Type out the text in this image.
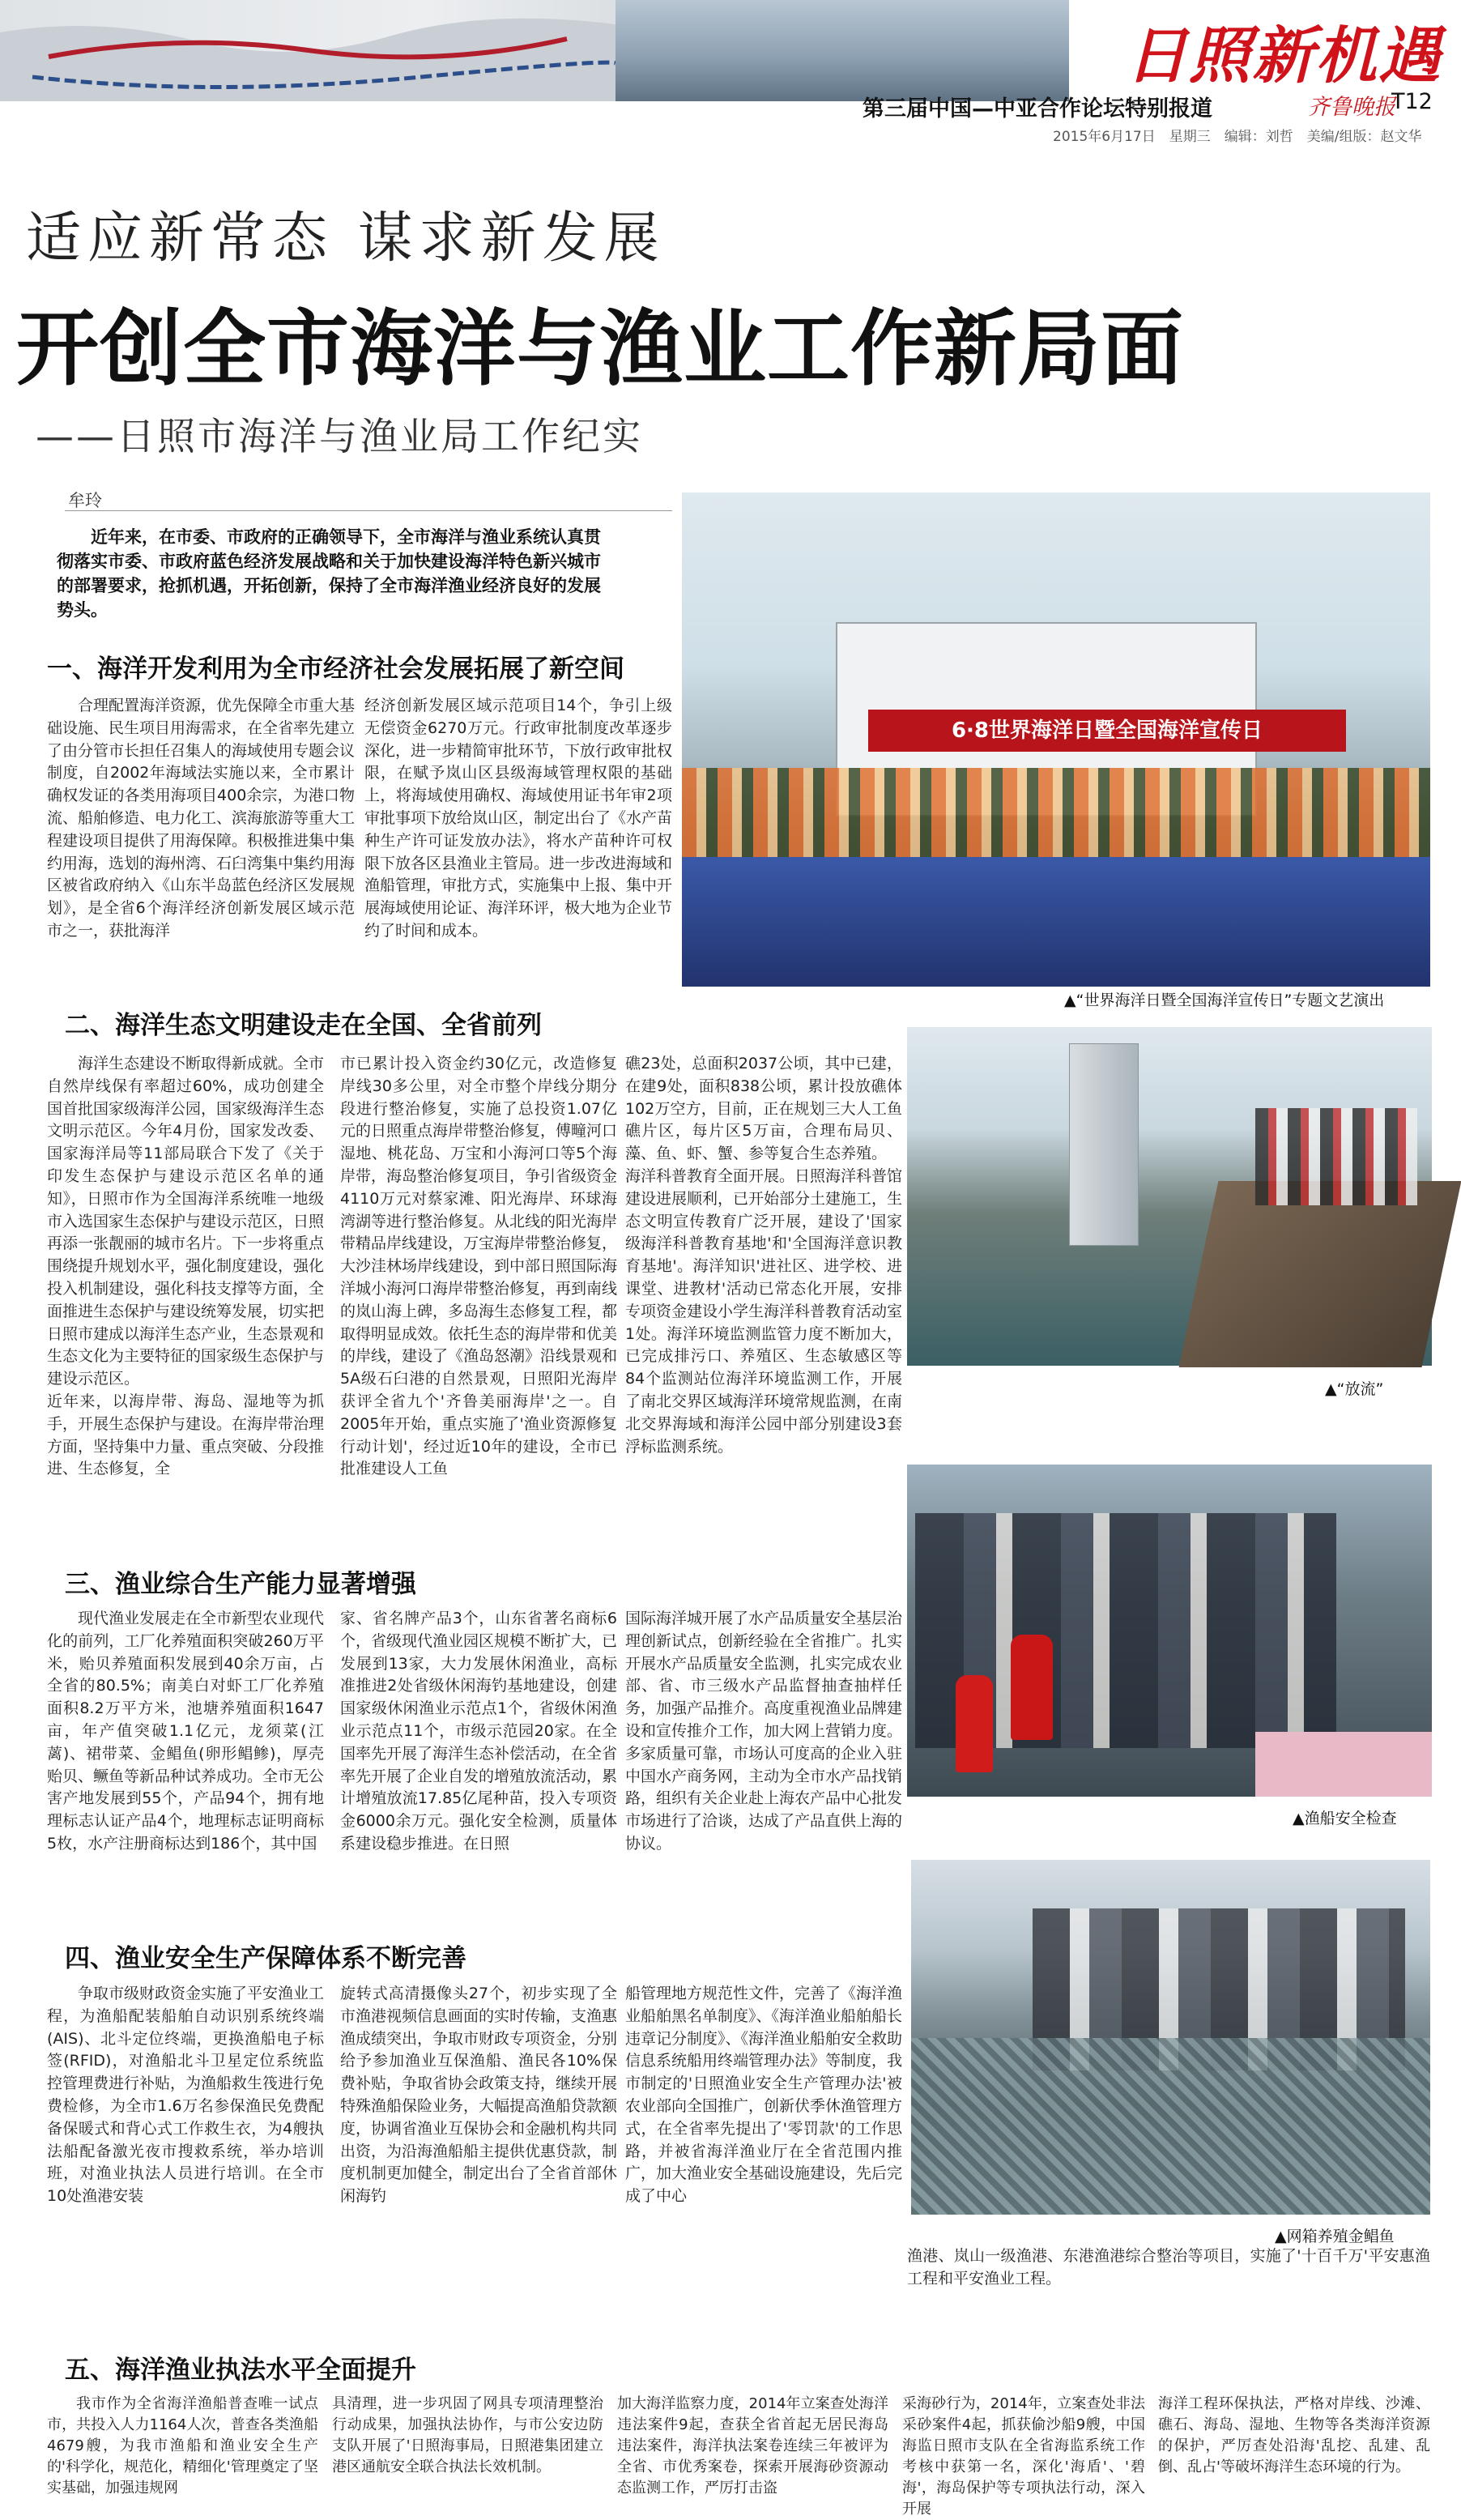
日照新机遇
第三届中国—中亚合作论坛特别报道	齐鲁晚报
T12
2015年6月17日　星期三　编辑：刘哲　美编/组版：赵文华
适应新常态 谋求新发展
开创全市海洋与渔业工作新局面
——日照市海洋与渔业局工作纪实
牟玲

近年来，在市委、市政府的正确领导下，全市海洋与渔业系统认真贯彻落实市委、市政府蓝色经济发展战略和关于加快建设海洋特色新兴城市的部署要求，抢抓机遇，开拓创新，保持了全市海洋渔业经济良好的发展势头。

6·8世界海洋日暨全国海洋宣传日
▲“世界海洋日暨全国海洋宣传日”专题文艺演出
一、海洋开发利用为全市经济社会发展拓展了新空间
合理配置海洋资源，优先保障全市重大基础设施、民生项目用海需求，在全省率先建立了由分管市长担任召集人的海域使用专题会议制度，自2002年海域法实施以来，全市累计确权发证的各类用海项目400余宗，为港口物流、船舶修造、电力化工、滨海旅游等重大工程建设项目提供了用海保障。积极推进集中集约用海，选划的海州湾、石臼湾集中集约用海区被省政府纳入《山东半岛蓝色经济区发展规划》，是全省6个海洋经济创新发展区域示范市之一，获批海洋
经济创新发展区域示范项目14个，争引上级无偿资金6270万元。行政审批制度改革逐步深化，进一步精简审批环节，下放行政审批权限，在赋予岚山区县级海域管理权限的基础上，将海域使用确权、海域使用证书年审2项审批事项下放给岚山区，制定出台了《水产苗种生产许可证发放办法》，将水产苗种许可权限下放各区县渔业主管局。进一步改进海域和渔船管理，审批方式，实施集中上报、集中开展海域使用论证、海洋环评，极大地为企业节约了时间和成本。
二、海洋生态文明建设走在全国、全省前列
海洋生态建设不断取得新成就。全市自然岸线保有率超过60%，成功创建全国首批国家级海洋公园，国家级海洋生态文明示范区。今年4月份，国家发改委、国家海洋局等11部局联合下发了《关于印发生态保护与建设示范区名单的通知》，日照市作为全国海洋系统唯一地级市入选国家生态保护与建设示范区，日照再添一张靓丽的城市名片。下一步将重点围绕提升规划水平，强化制度建设，强化投入机制建设，强化科技支撑等方面，全面推进生态保护与建设统筹发展，切实把日照市建成以海洋生态产业，生态景观和生态文化为主要特征的国家级生态保护与建设示范区。
近年来，以海岸带、海岛、湿地等为抓手，开展生态保护与建设。在海岸带治理方面，坚持集中力量、重点突破、分段推进、生态修复，全
市已累计投入资金约30亿元，改造修复岸线30多公里，对全市整个岸线分期分段进行整治修复，实施了总投资1.07亿元的日照重点海岸带整治修复，傅疃河口湿地、桃花岛、万宝和小海河口等5个海岸带，海岛整治修复项目，争引省级资金4110万元对蔡家滩、阳光海岸、环球海湾湖等进行整治修复。从北线的阳光海岸带精品岸线建设，万宝海岸带整治修复，大沙洼林场岸线建设，到中部日照国际海洋城小海河口海岸带整治修复，再到南线的岚山海上碑，多岛海生态修复工程，都取得明显成效。依托生态的海岸带和优美的岸线，建设了《渔岛怒潮》沿线景观和5A级石臼港的自然景观，日照阳光海岸获评全省九个'齐鲁美丽海岸'之一。自2005年开始，重点实施了'渔业资源修复行动计划'，经过近10年的建设，全市已批准建设人工鱼
礁23处，总面积2037公顷，其中已建，在建9处，面积838公顷，累计投放礁体102万空方，目前，正在规划三大人工鱼礁片区，每片区5万亩，合理布局贝、藻、鱼、虾、蟹、参等复合生态养殖。
海洋科普教育全面开展。日照海洋科普馆建设进展顺利，已开始部分土建施工，生态文明宣传教育广泛开展，建设了'国家级海洋科普教育基地'和'全国海洋意识教育基地'。海洋知识'进社区、进学校、进课堂、进教材'活动已常态化开展，安排专项资金建设小学生海洋科普教育活动室1处。海洋环境监测监管力度不断加大，已完成排污口、养殖区、生态敏感区等84个监测站位海洋环境监测工作，开展了南北交界区域海洋环境常规监测，在南北交界海域和海洋公园中部分别建设3套浮标监测系统。
▲“放流”
三、渔业综合生产能力显著增强
现代渔业发展走在全市新型农业现代化的前列，工厂化养殖面积突破260万平米，贻贝养殖面积发展到40余万亩，占全省的80.5%；南美白对虾工厂化养殖面积8.2万平方米，池塘养殖面积1647亩，年产值突破1.1亿元，龙须菜(江蓠)、裙带菜、金鲳鱼(卵形鲳鲹)，厚壳贻贝、鳜鱼等新品种试养成功。全市无公害产地发展到55个，产品94个，拥有地理标志认证产品4个，地理标志证明商标5枚，水产注册商标达到186个，其中国
家、省名牌产品3个，山东省著名商标6个，省级现代渔业园区规模不断扩大，已发展到13家，大力发展休闲渔业，高标准推进2处省级休闲海钓基地建设，创建国家级休闲渔业示范点1个，省级休闲渔业示范点11个，市级示范园20家。在全国率先开展了海洋生态补偿活动，在全省率先开展了企业自发的增殖放流活动，累计增殖放流17.85亿尾种苗，投入专项资金6000余万元。强化安全检测，质量体系建设稳步推进。在日照
国际海洋城开展了水产品质量安全基层治理创新试点，创新经验在全省推广。扎实开展水产品质量安全监测，扎实完成农业部、省、市三级水产品监督抽查抽样任务，加强产品推介。高度重视渔业品牌建设和宣传推介工作，加大网上营销力度。多家质量可靠，市场认可度高的企业入驻中国水产商务网，主动为全市水产品找销路，组织有关企业赴上海农产品中心批发市场进行了洽谈，达成了产品直供上海的协议。
▲渔船安全检查
四、渔业安全生产保障体系不断完善
争取市级财政资金实施了平安渔业工程，为渔船配装船舶自动识别系统终端(AIS)、北斗定位终端，更换渔船电子标签(RFID)，对渔船北斗卫星定位系统监控管理费进行补贴，为渔船救生筏进行免费检修，为全市1.6万名参保渔民免费配备保暖式和背心式工作救生衣，为4艘执法船配备激光夜市搜救系统，举办培训班，对渔业执法人员进行培训。在全市10处渔港安装
旋转式高清摄像头27个，初步实现了全市渔港视频信息画面的实时传输，支渔惠渔成绩突出，争取市财政专项资金，分别给予参加渔业互保渔船、渔民各10%保费补贴，争取省协会政策支持，继续开展特殊渔船保险业务，大幅提高渔船贷款额度，协调省渔业互保协会和金融机构共同出资，为沿海渔船船主提供优惠贷款，制度机制更加健全，制定出台了全省首部休闲海钓
船管理地方规范性文件，完善了《海洋渔业船舶黑名单制度》、《海洋渔业船舶船长违章记分制度》、《海洋渔业船舶安全救助信息系统船用终端管理办法》等制度，我市制定的'日照渔业安全生产管理办法'被农业部向全国推广，创新伏季休渔管理方式，在全省率先提出了'零罚款'的工作思路，并被省海洋渔业厅在全省范围内推广，加大渔业安全基础设施建设，先后完成了中心
▲网箱养殖金鲳鱼
渔港、岚山一级渔港、东港渔港综合整治等项目，实施了'十百千万'平安惠渔工程和平安渔业工程。
五、海洋渔业执法水平全面提升
我市作为全省海洋渔船普查唯一试点市，共投入人力1164人次，普查各类渔船4679艘，为我市渔船和渔业安全生产的'科学化，规范化，精细化'管理奠定了坚实基础，加强违规网
具清理，进一步巩固了网具专项清理整治行动成果，加强执法协作，与市公安边防支队开展了'日照海事局，日照港集团建立港区通航安全联合执法长效机制。
加大海洋监察力度，2014年立案查处海洋违法案件9起，查获全省首起无居民海岛违法案件，海洋执法案卷连续三年被评为全省、市优秀案卷，探索开展海砂资源动态监测工作，严厉打击盗
采海砂行为，2014年，立案查处非法采砂案件4起，抓获偷沙船9艘，中国海监日照市支队在全省海监系统工作考核中获第一名，深化'海盾'、'碧海'，海岛保护等专项执法行动，深入开展
海洋工程环保执法，严格对岸线、沙滩、礁石、海岛、湿地、生物等各类海洋资源的保护，严厉查处沿海'乱挖、乱建、乱倒、乱占'等破坏海洋生态环境的行为。
